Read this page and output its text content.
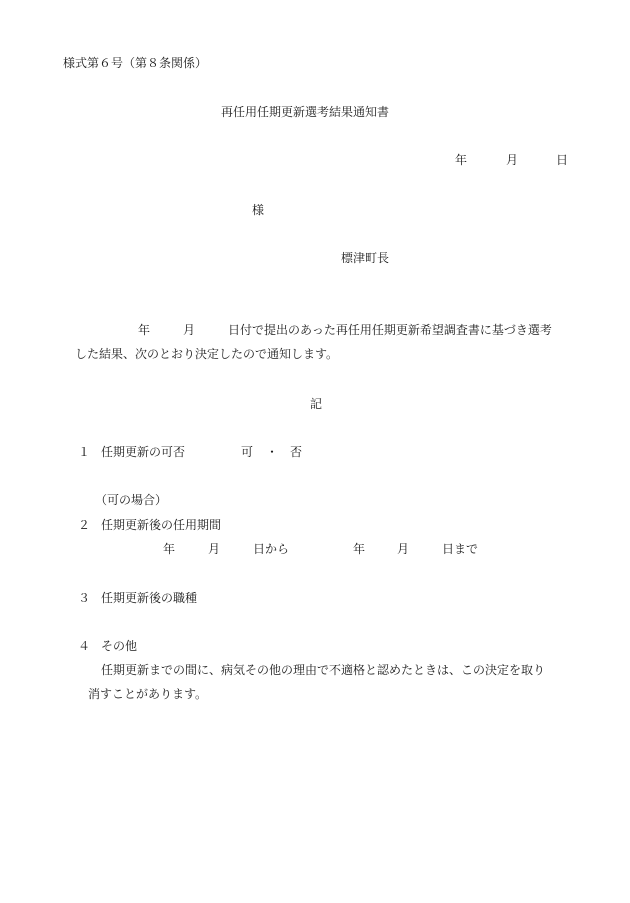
様式第６号（第８条関係）
再任用任期更新選考結果通知書
年	月	日
様
標津町長
年	月	日付で提出のあった再任用任期更新希望調査書に基づき選考
した結果、次のとおり決定したので通知します。
記
１ 任期更新の可否	可 ・ 否
（可の場合）
２ 任期更新後の任用期間
年	月	日から	年	月	日まで
３ 任期更新後の職種
４ その他
任期更新までの間に、病気その他の理由で不適格と認めたときは、この決定を取り
消すことがあります。
